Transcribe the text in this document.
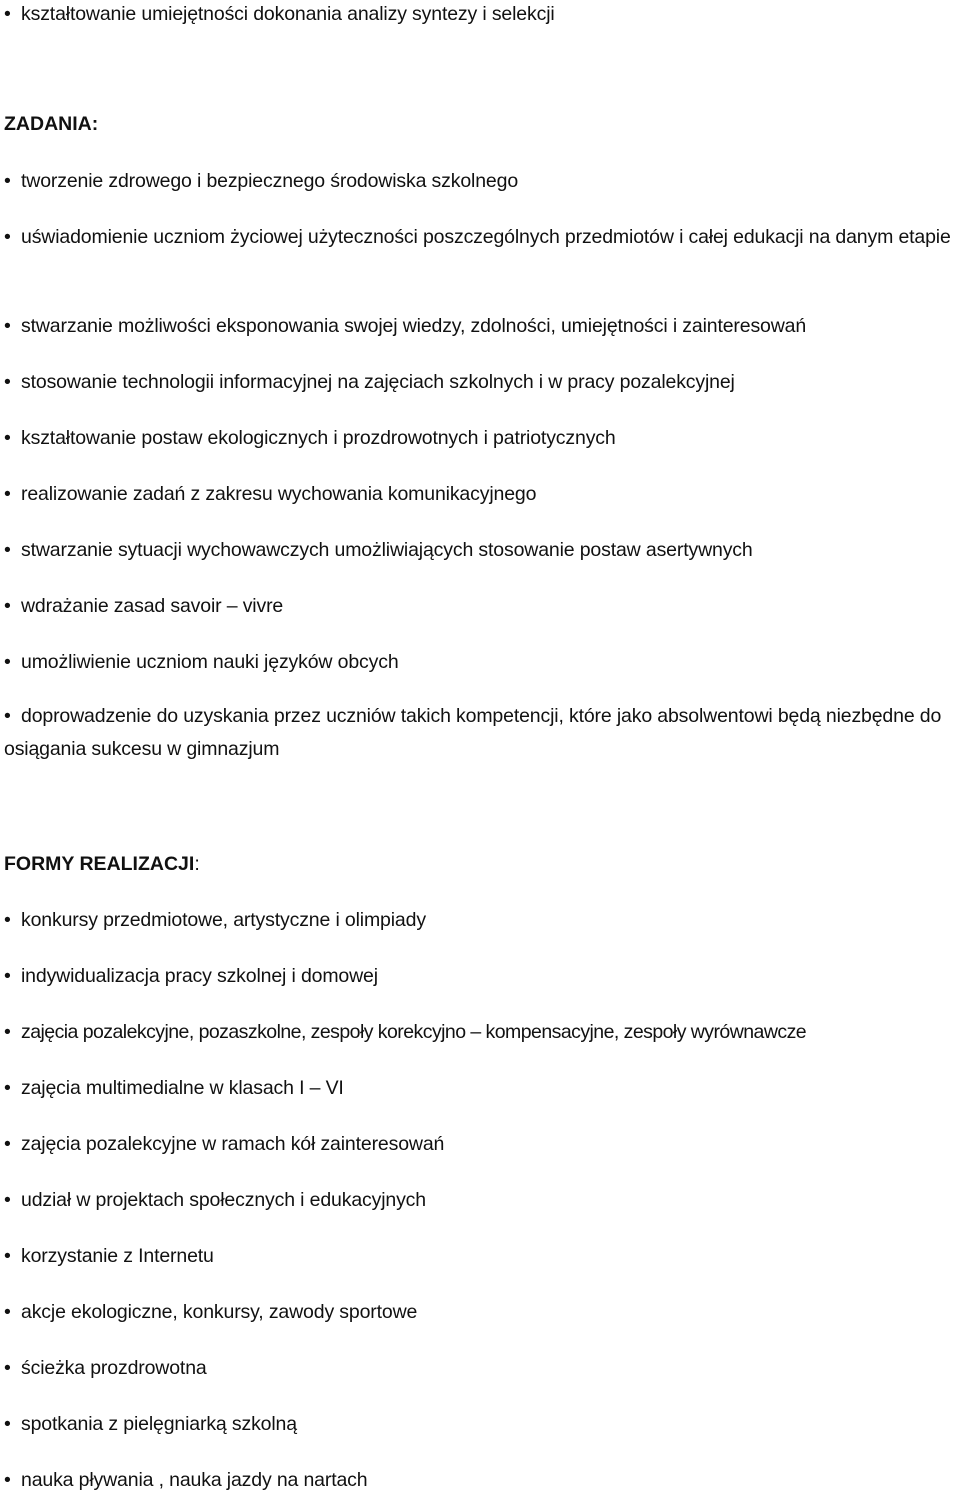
• kształtowanie umiejętności dokonania analizy syntezy i selekcji
ZADANIA:
• tworzenie zdrowego i bezpiecznego środowiska szkolnego
• uświadomienie uczniom życiowej użyteczności poszczególnych przedmiotów i całej edukacji na danym etapie
• stwarzanie możliwości eksponowania swojej wiedzy, zdolności, umiejętności i zainteresowań
• stosowanie technologii informacyjnej na zajęciach szkolnych i w pracy pozalekcyjnej
• kształtowanie postaw ekologicznych i prozdrowotnych i patriotycznych
• realizowanie zadań z zakresu wychowania komunikacyjnego
• stwarzanie sytuacji wychowawczych umożliwiających stosowanie postaw asertywnych
• wdrażanie zasad savoir – vivre
• umożliwienie uczniom nauki języków obcych
• doprowadzenie do uzyskania przez uczniów takich kompetencji, które jako absolwentowi będą niezbędne do osiągania sukcesu w gimnazjum
FORMY REALIZACJI:
• konkursy przedmiotowe, artystyczne i olimpiady
• indywidualizacja pracy szkolnej i domowej
• zajęcia pozalekcyjne, pozaszkolne, zespoły korekcyjno – kompensacyjne, zespoły wyrównawcze
• zajęcia multimedialne w klasach I – VI
• zajęcia pozalekcyjne w ramach kół zainteresowań
• udział w projektach społecznych i edukacyjnych
• korzystanie z Internetu
• akcje ekologiczne, konkursy, zawody sportowe
• ścieżka prozdrowotna
• spotkania z pielęgniarką szkolną
• nauka pływania , nauka jazdy na nartach
